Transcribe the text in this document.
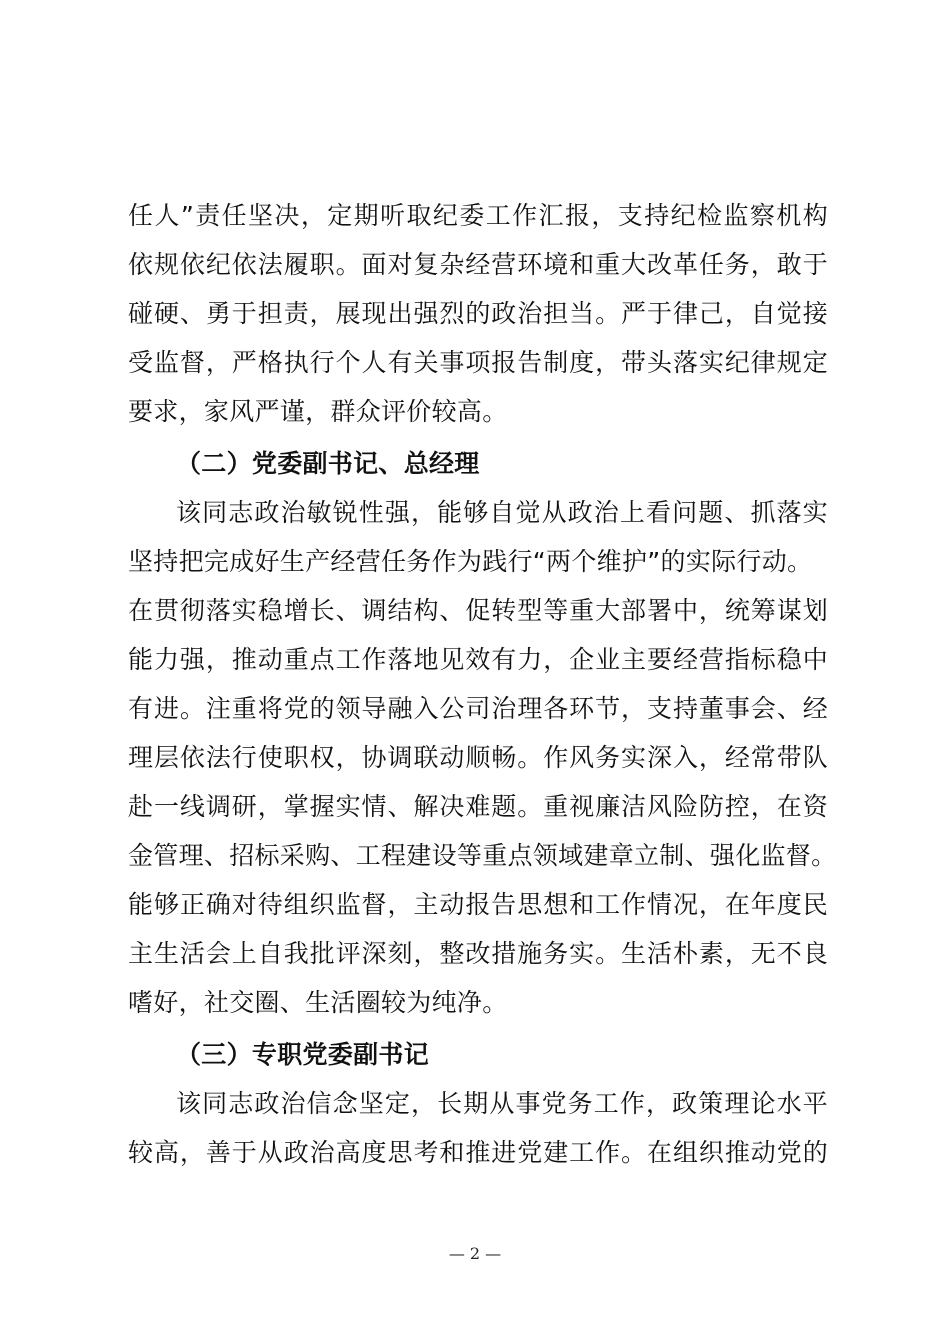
任人”责任坚决，定期听取纪委工作汇报，支持纪检监察机构
依规依纪依法履职。面对复杂经营环境和重大改革任务，敢于
碰硬、勇于担责，展现出强烈的政治担当。严于律己，自觉接
受监督，严格执行个人有关事项报告制度，带头落实纪律规定
要求，家风严谨，群众评价较高。
（二）党委副书记、总经理
该同志政治敏锐性强，能够自觉从政治上看问题、抓落实
坚持把完成好生产经营任务作为践行“两个维护”的实际行动。
在贯彻落实稳增长、调结构、促转型等重大部署中，统筹谋划
能力强，推动重点工作落地见效有力，企业主要经营指标稳中
有进。注重将党的领导融入公司治理各环节，支持董事会、经
理层依法行使职权，协调联动顺畅。作风务实深入，经常带队
赴一线调研，掌握实情、解决难题。重视廉洁风险防控，在资
金管理、招标采购、工程建设等重点领域建章立制、强化监督。
能够正确对待组织监督，主动报告思想和工作情况，在年度民
主生活会上自我批评深刻，整改措施务实。生活朴素，无不良
嗜好，社交圈、生活圈较为纯净。
（三）专职党委副书记
该同志政治信念坚定，长期从事党务工作，政策理论水平
较高，善于从政治高度思考和推进党建工作。在组织推动党的
— 2 —
